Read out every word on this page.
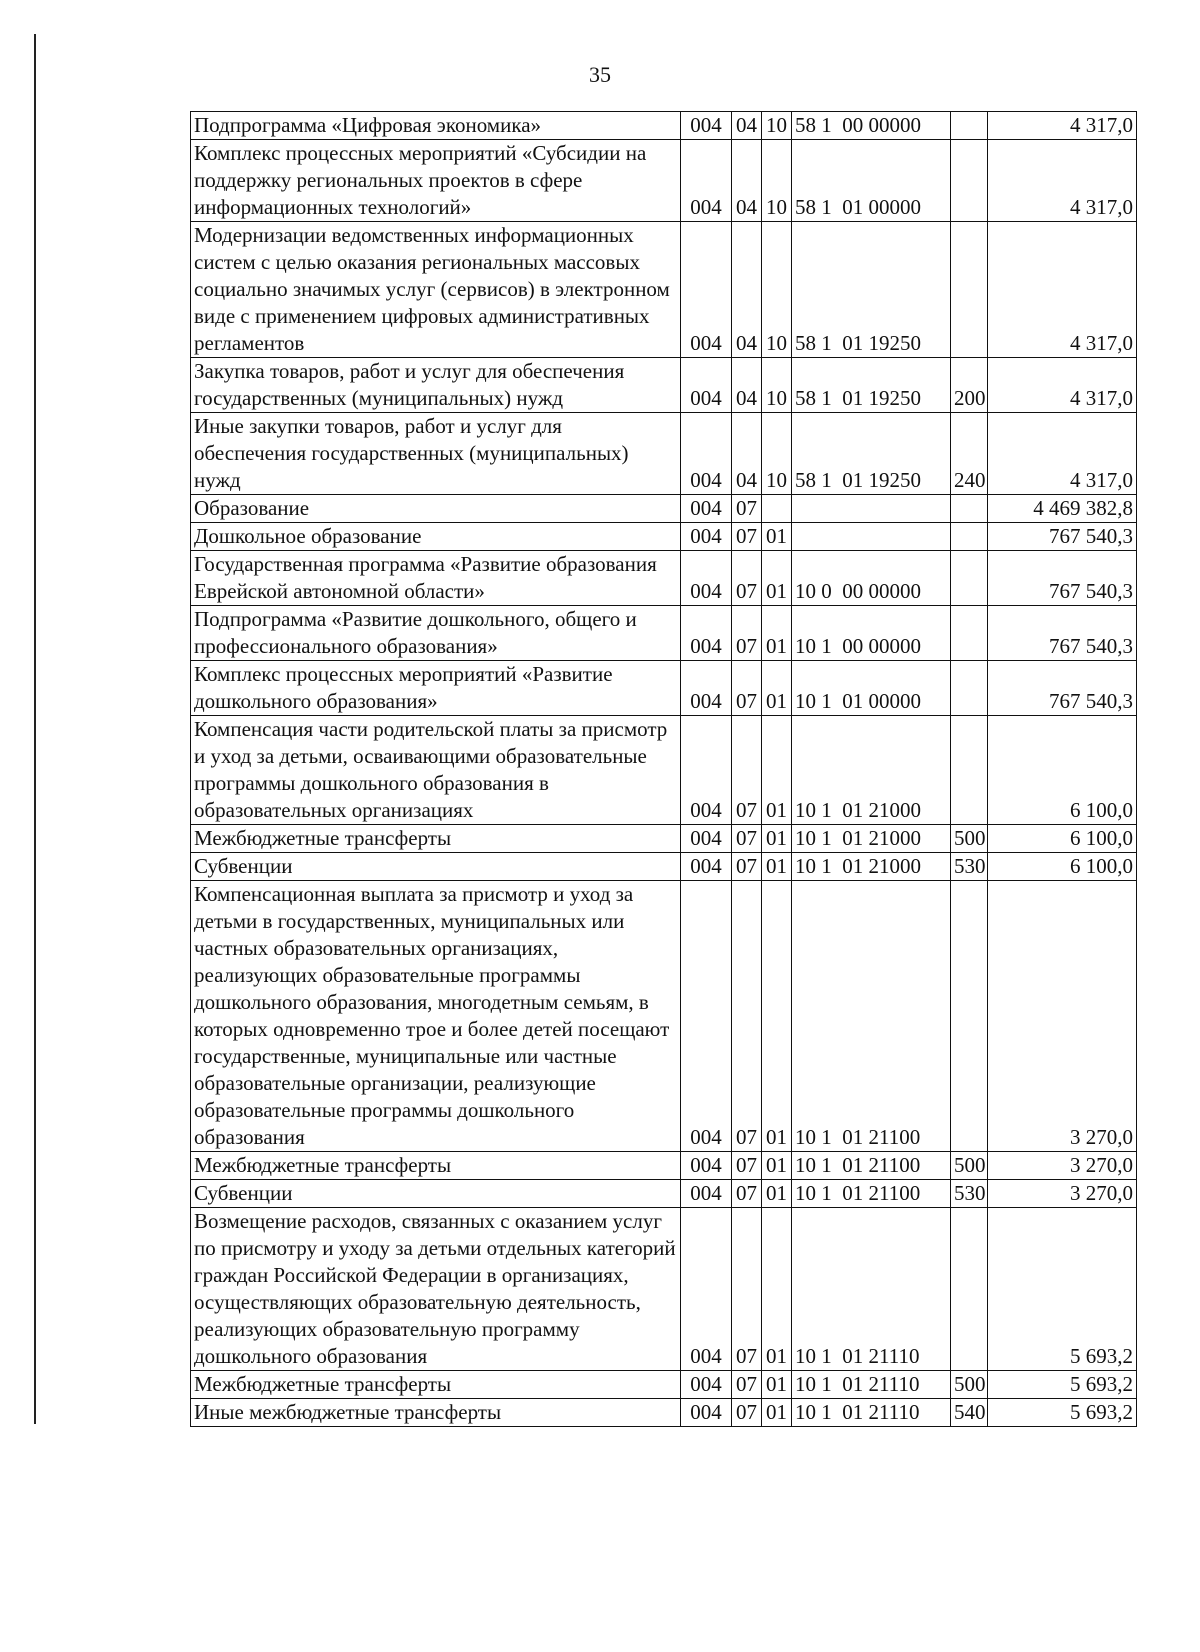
35
Подпрограмма «Цифровая экономика»	004	04	10	58 1  00 00000		4 317,0
Комплекс процессных мероприятий «Субсидии на поддержку региональных проектов в сфере информационных технологий»	004	04	10	58 1  01 00000		4 317,0
Модернизации ведомственных информационных систем с целью оказания региональных массовых социально значимых услуг (сервисов) в электронном виде с применением цифровых административных регламентов	004	04	10	58 1  01 19250		4 317,0
Закупка товаров, работ и услуг для обеспечения государственных (муниципальных) нужд	004	04	10	58 1  01 19250	200	4 317,0
Иные закупки товаров, работ и услуг для обеспечения государственных (муниципальных) нужд	004	04	10	58 1  01 19250	240	4 317,0
Образование	004	07				4 469 382,8
Дошкольное образование	004	07	01			767 540,3
Государственная программа «Развитие образования Еврейской автономной области»	004	07	01	10 0  00 00000		767 540,3
Подпрограмма «Развитие дошкольного, общего и профессионального образования»	004	07	01	10 1  00 00000		767 540,3
Комплекс процессных мероприятий «Развитие дошкольного образования»	004	07	01	10 1  01 00000		767 540,3
Компенсация части родительской платы за присмотр и уход за детьми, осваивающими образовательные программы дошкольного образования в образовательных организациях	004	07	01	10 1  01 21000		6 100,0
Межбюджетные трансферты	004	07	01	10 1  01 21000	500	6 100,0
Субвенции	004	07	01	10 1  01 21000	530	6 100,0
Компенсационная выплата за присмотр и уход за детьми в государственных, муниципальных или частных образовательных организациях, реализующих образовательные программы дошкольного образования, многодетным семьям, в которых одновременно трое и более детей посещают государственные, муниципальные или частные образовательные организации, реализующие образовательные программы дошкольного образования	004	07	01	10 1  01 21100		3 270,0
Межбюджетные трансферты	004	07	01	10 1  01 21100	500	3 270,0
Субвенции	004	07	01	10 1  01 21100	530	3 270,0
Возмещение расходов, связанных с оказанием услуг по присмотру и уходу за детьми отдельных категорий граждан Российской Федерации в организациях, осуществляющих образовательную деятельность, реализующих образовательную программу дошкольного образования	004	07	01	10 1  01 21110		5 693,2
Межбюджетные трансферты	004	07	01	10 1  01 21110	500	5 693,2
Иные межбюджетные трансферты	004	07	01	10 1  01 21110	540	5 693,2
